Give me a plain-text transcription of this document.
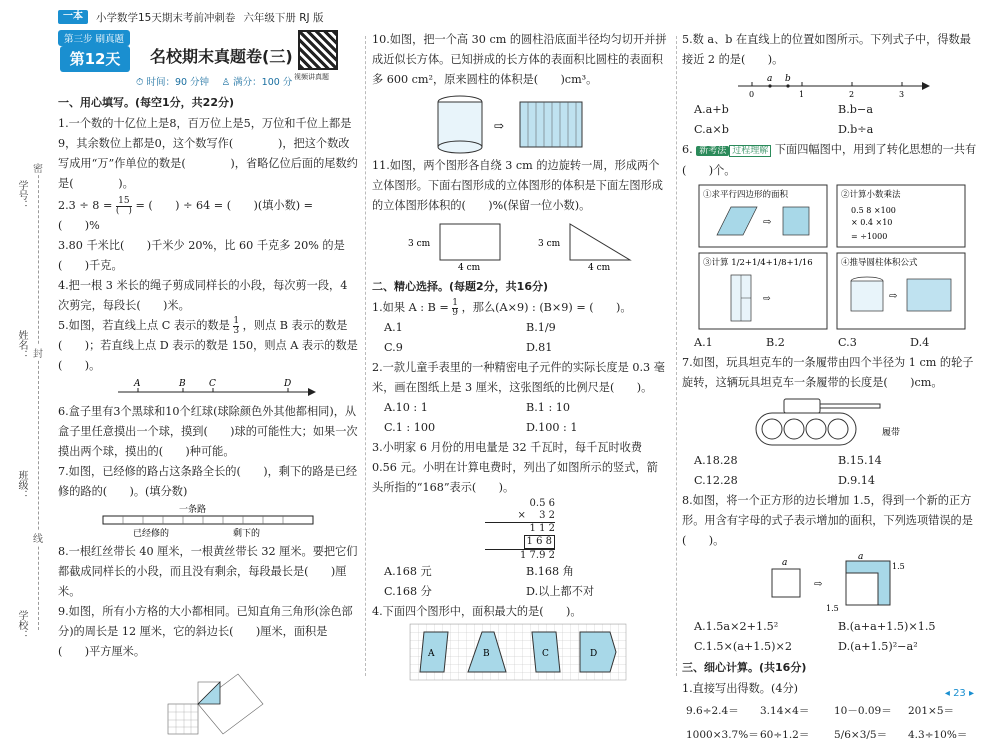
一本	小学数学15天期末考前冲刺卷 六年级下册 RJ 版
学号：
姓名：
班级：
学校：
密
封
线
第三步 刷真题
第12天	名校期末真题卷(三)
视频讲真题
⏱ 时间：90 分钟 　 ♙ 满分：100 分
一、用心填写。(每空1分，共22分)
1.一个数的十亿位上是8，百万位上是5，万位和千位上都是9，其余数位上都是0，这个数写作(　　　　)，把这个数改写成用“万”作单位的数是(　　　　)，省略亿位后面的尾数约是(　　　　)。
$2.3 \div 8 = \frac{15}{( )}$ = (　　) ÷ 64 = (　　)(填小数) =
(　　)%
3.80 千米比(　　)千米少 20%，比 60 千克多 20% 的是(　　)千克。
4.把一根 3 米长的绳子剪成同样长的小段，每次剪一段，4 次剪完，每段长(　　)米。
5.如图，若直线上点 C 表示的数是 $\frac{1}{3}$ ，则点 B 表示的数是(　　)；若直线上点 D 表示的数是 150，则点 A 表示的数是(　　)。
A	B	C	D
6.盒子里有3个黑球和10个红球(球除颜色外其他都相同)，从盒子里任意摸出一个球，摸到(　　)球的可能性大；如果一次摸出两个球，摸出的(　　)种可能。
7.如图，已经修的路占这条路全长的(　　)，剩下的路是已经修的路的(　　)。(填分数)
一条路
已经修的	剩下的
8.一根红丝带长 40 厘米，一根黄丝带长 32 厘米。要把它们都截成同样长的小段，而且没有剩余，每段最长是(　　)厘米。
9.如图，所有小方格的大小都相同。已知直角三角形(涂色部分)的周长是 12 厘米，它的斜边长(　　)厘米，面积是(　　)平方厘米。
10.如图，把一个高 30 cm 的圆柱沿底面半径均匀切开并拼成近似长方体。已知拼成的长方体的表面积比圆柱的表面积多 600 cm²，原来圆柱的体积是(　　)cm³。
⇨
11.如图，两个图形各自绕 3 cm 的边旋转一周，形成两个立体图形。下面右图形成的立体图形的体积是下面左图形成的立体图形体积的(　　)%(保留一位小数)。
3 cm
4 cm
3 cm
4 cm
二、精心选择。(每题2分，共16分)
1.如果 A : $B = \frac{1}{9}$ ，那么(A×9) : (B×9) = (　　)。
A.1	B.1/9
C.9	D.81
2.一款儿童手表里的一种精密电子元件的实际长度是 0.3 毫米，画在图纸上是 3 厘米，这张图纸的比例尺是(　　)。
A.10 : 1	B.1 : 10
C.1 : 100	D.100 : 1
3.小明家 6 月份的用电量是 32 千瓦时，每千瓦时收费 0.56 元。小明在计算电费时，列出了如图所示的竖式，箭头所指的“168”表示(　　)。
0.5 6
× 　3 2
1 1 2
1 6 8
1 7.9 2
A.168 元	B.168 角
C.168 分	D.以上都不对
4.下面四个图形中，面积最大的是(　　)。
A	B	C	D
5.数 a、b 在直线上的位置如图所示。下列式子中，得数最接近 2 的是(　　)。
a b
0	1	2	3
A.a+b	B.b−a
C.a×b	D.b÷a
6. 新考法 过程理解 下面四幅图中，用到了转化思想的一共有(　　)个。
①求平行四边形的面积	②计算小数乘法
③计算 1/2+1/4+1/8+1/16	④推导圆柱体积公式
⇨
0.5 8 ×100
× 0.4 ×10
= ÷1000
⇨	⇨
A.1	B.2	C.3	D.4
7.如图，玩具坦克车的一条履带由四个半径为 1 cm 的轮子旋转，这辆玩具坦克车一条履带的长度是(　　)cm。
履带
A.18.28	B.15.14
C.12.28	D.9.14
8.如图，将一个正方形的边长增加 1.5，得到一个新的正方形。用含有字母的式子表示增加的面积，下列选项错误的是(　　)。
a
⇨
a
1.5
1.5
A.1.5a×2+1.5²	B.(a+a+1.5)×1.5
C.1.5×(a+1.5)×2	D.(a+1.5)²−a²
三、细心计算。(共16分)
1.直接写出得数。(4分)
9.6÷2.4＝	3.14×4＝	10－0.09＝	201×5＝
1000×3.7%＝ 60÷1.2＝	5/6×3/5＝	4.3÷10%＝
◂ 23 ▸
